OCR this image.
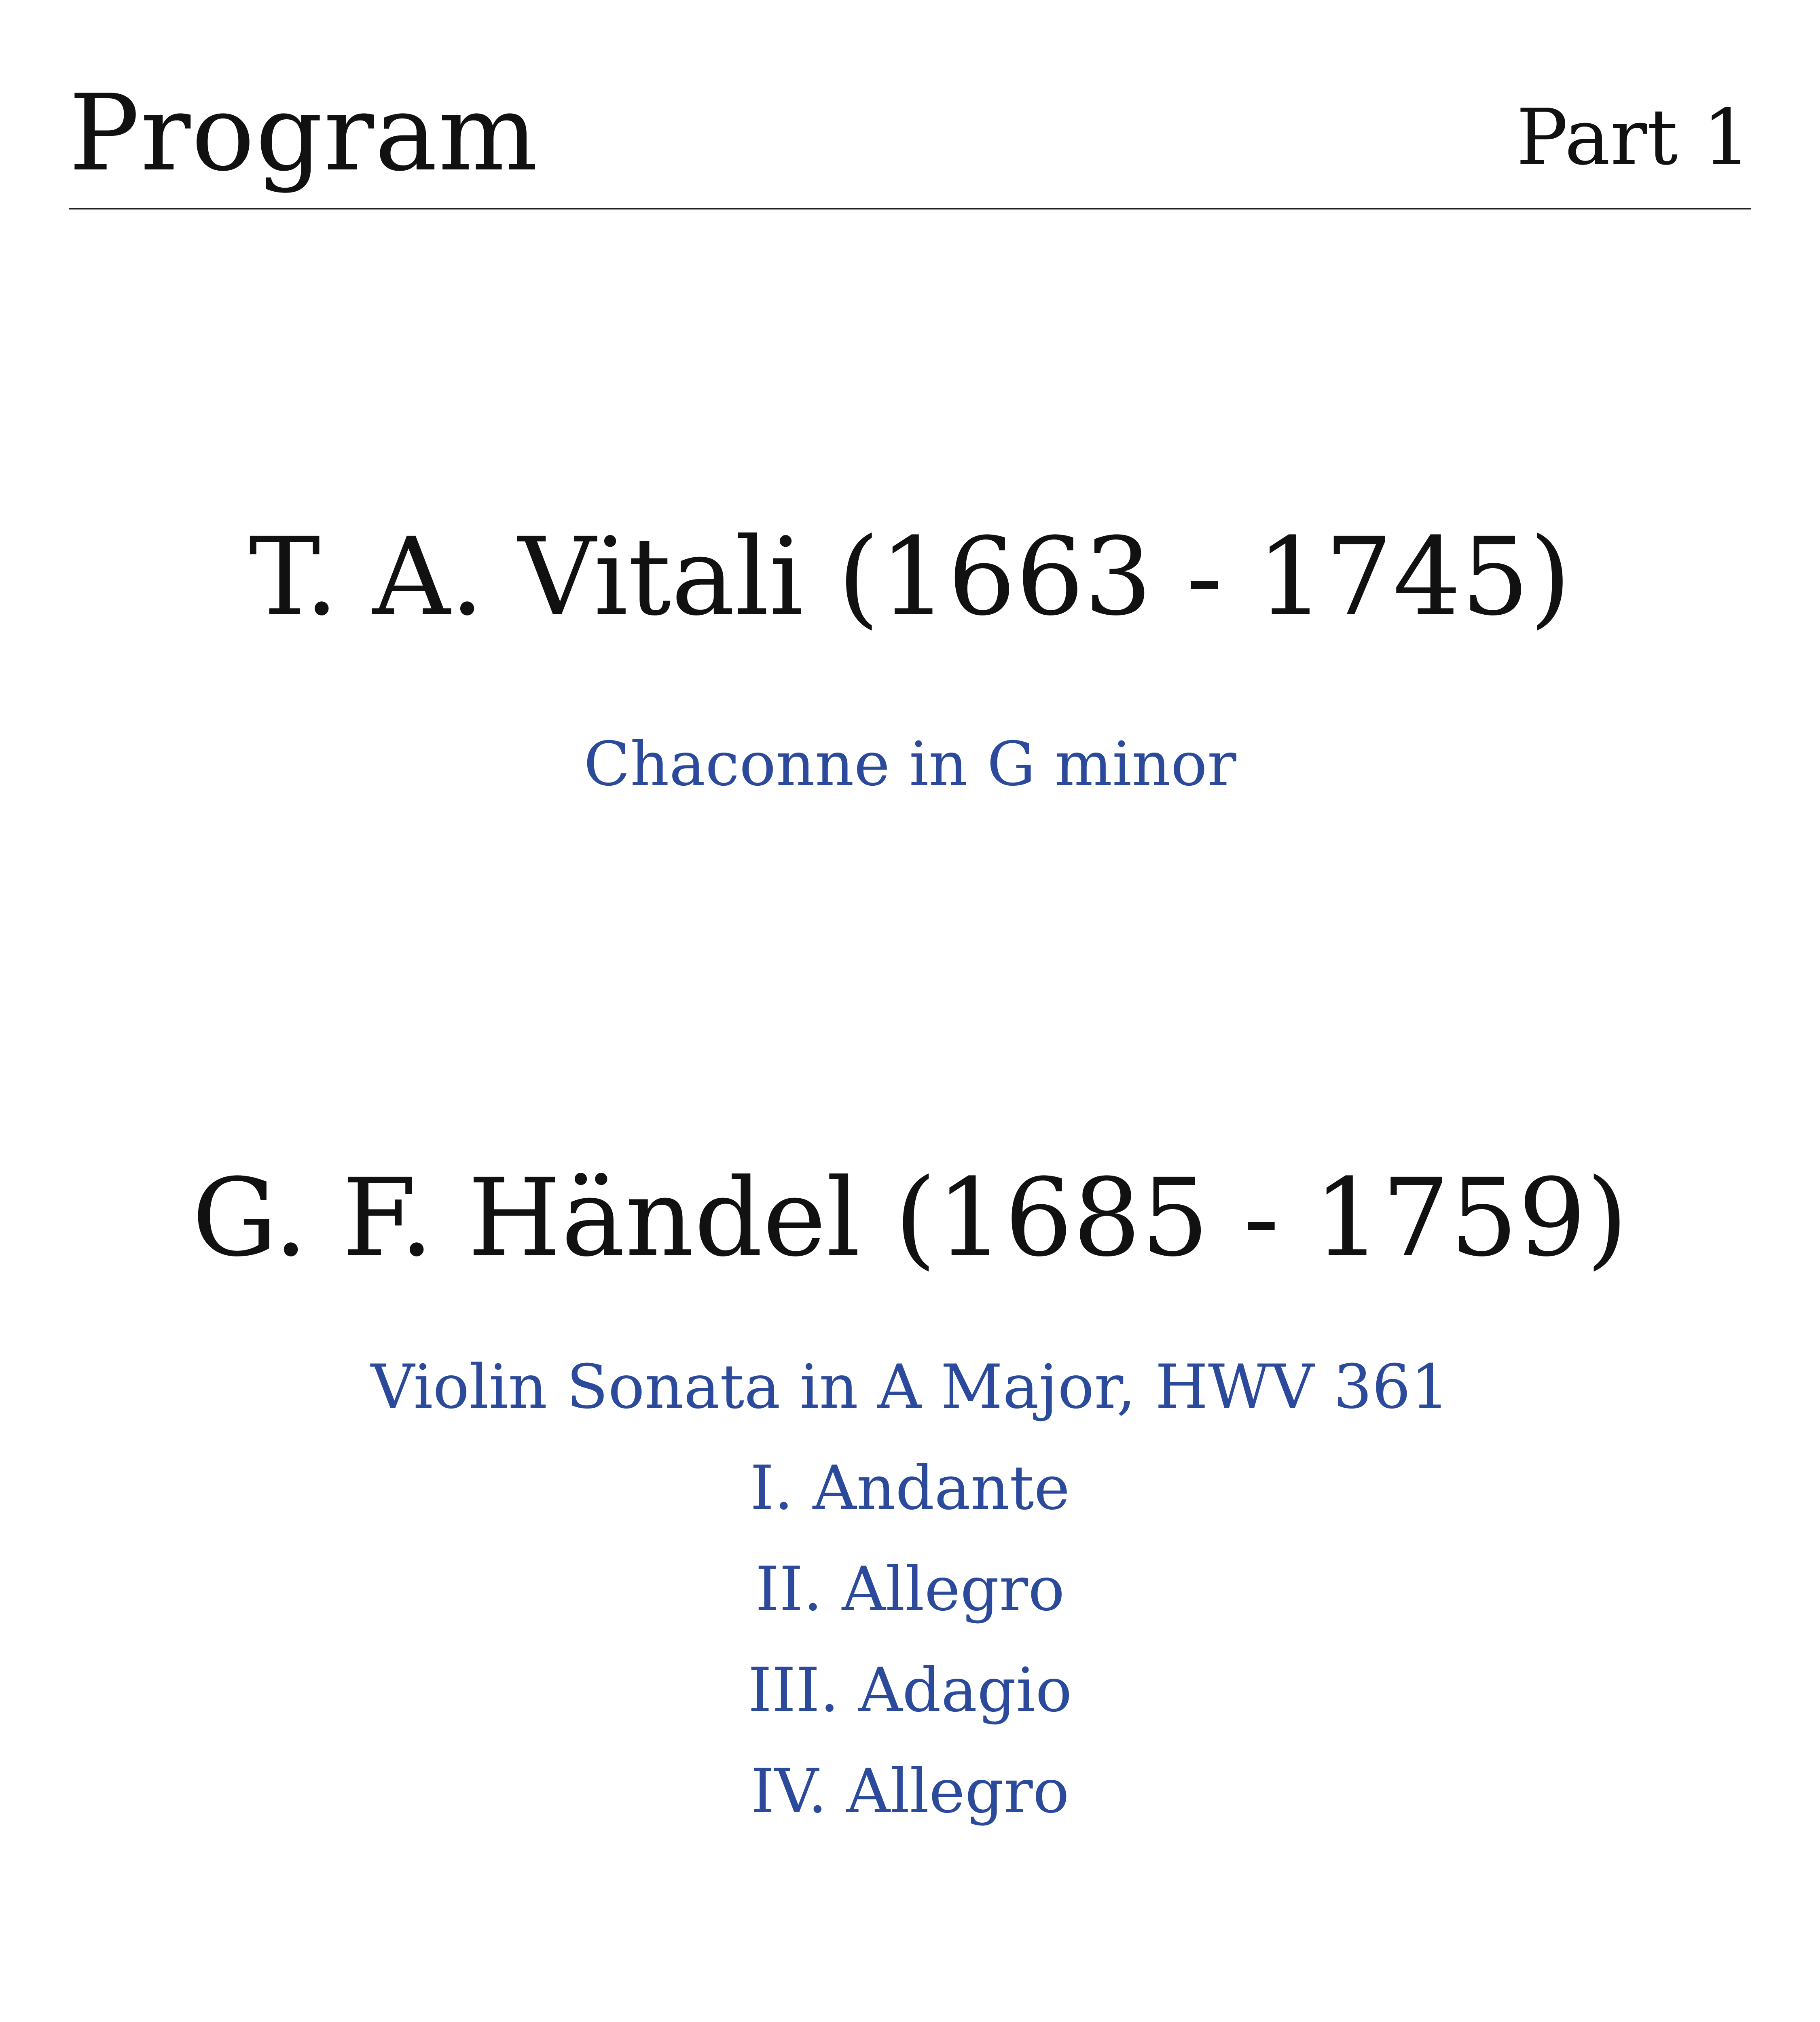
Program	Part 1
T. A. Vitali (1663 - 1745)
Chaconne in G minor
G. F. Händel (1685 - 1759)
Violin Sonata in A Major, HWV 361
I. Andante
II. Allegro
III. Adagio
IV. Allegro
